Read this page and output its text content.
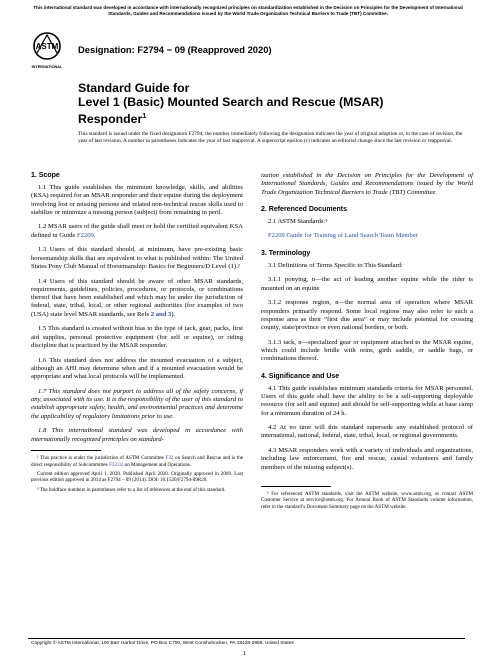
This international standard was developed in accordance with internationally recognized principles on standardization established in the Decision on Principles for the Development of International Standards, Guides and Recommendations issued by the World Trade Organization Technical Barriers to Trade (TBT) Committee.
ASTM
INTERNATIONAL
Designation: F2794 − 09 (Reapproved 2020)
Standard Guide for
Level 1 (Basic) Mounted Search and Rescue (MSAR)
Responder$^1$
This standard is issued under the fixed designation F2794; the number immediately following the designation indicates the year of original adoption or, in the case of revision, the year of last revision. A number in parentheses indicates the year of last reapproval. A superscript epsilon (ε) indicates an editorial change since the last revision or reapproval.
1. Scope

1.1 This guide establishes the minimum knowledge, skills, and abilities (KSA) required for an MSAR responder and their equine during the deployment involving lost or missing persons and related non-technical rescue skills used to stabilize or minimize a missing person (subject) from remaining in peril.

1.2 MSAR users of the guide shall meet or hold the certified equivalent KSA defined in Guide F2209.

1.3 Users of this standard should, at minimum, have pre-existing basic horsemanship skills that are equivalent to what is published within: The United States Pony Club Manual of Horsemanship: Basics for Beginners/D Level (1).²

1.4 Users of this standard should be aware of other MSAR standards, requirements, guidelines, policies, procedures, or protocols, or combinations thereof that have been established and which may be under the jurisdiction of federal, state, tribal, local, or other regional authorities (for examples of two (USA) state level MSAR standards, see Refs 2 and 3).

1.5 This standard is created without bias to the type of tack, gear, packs, first aid supplies, personal protective equipment (for self or equine), or riding discipline that is practiced by the MSAR responder.

1.6 This standard does not address the mounted evacuation of a subject, although an AHJ may determine when and if a mounted evacuation would be appropriate and what local protocols will be implemented.

1.7 This standard does not purport to address all of the safety concerns, if any, associated with its use. It is the responsibility of the user of this standard to establish appropriate safety, health, and environmental practices and determine the applicability of regulatory limitations prior to use.

1.8 This international standard was developed in accordance with internationally recognized principles on standard-

¹ This practice is under the jurisdiction of ASTM Committee F32 on Search and Rescue and is the direct responsibility of Subcommittee F32.02 on Management and Operations.

Current edition approved April 1, 2020. Published April 2020. Originally approved in 2009. Last previous edition approved in 2014 as F2794 – 09 (2014). DOI: 10.1520/F2794-09R20.

² The boldface numbers in parentheses refer to a list of references at the end of this standard.

ization established in the Decision on Principles for the Development of International Standards, Guides and Recommendations issued by the World Trade Organization Technical Barriers to Trade (TBT) Committee.

2. Referenced Documents

2.1 ASTM Standards:³

F2209 Guide for Training of Land Search Team Member

3. Terminology

3.1 Definitions of Terms Specific to This Standard:

3.1.1 ponying, n—the act of leading another equine while the rider is mounted on an equine

3.1.2 response region, n—the normal area of operation where MSAR responders primarily respond. Some local regions may also refer to such a response area as their “first due area” or may include potential for crossing county, state/province or even national borders, or both.

3.1.3 tack, n—specialized gear or equipment attached to the MSAR equine, which could include bridle with reins, girth saddle, or saddle bags, or combinations thereof.

4. Significance and Use

4.1 This guide establishes minimum standards criteria for MSAR personnel. Users of this guide shall have the ability to be a self-supporting deployable resource (for self and equine) and should be self-supporting while at base camp for a minimum duration of 24 h.

4.2 At no time will this standard supersede any established protocol of international, national, federal, state, tribal, local, or regional governments.

4.3 MSAR responders work with a variety of individuals and organizations, including law enforcement, fire and rescue, casual volunteers and family members of the missing subject(s).

³ For referenced ASTM standards, visit the ASTM website, www.astm.org, or contact ASTM Customer Service at service@astm.org. For Annual Book of ASTM Standards volume information, refer to the standard’s Document Summary page on the ASTM website.

Copyright © ASTM International, 100 Barr Harbor Drive, PO Box C700, West Conshohocken, PA 19428-2959. United States
1
